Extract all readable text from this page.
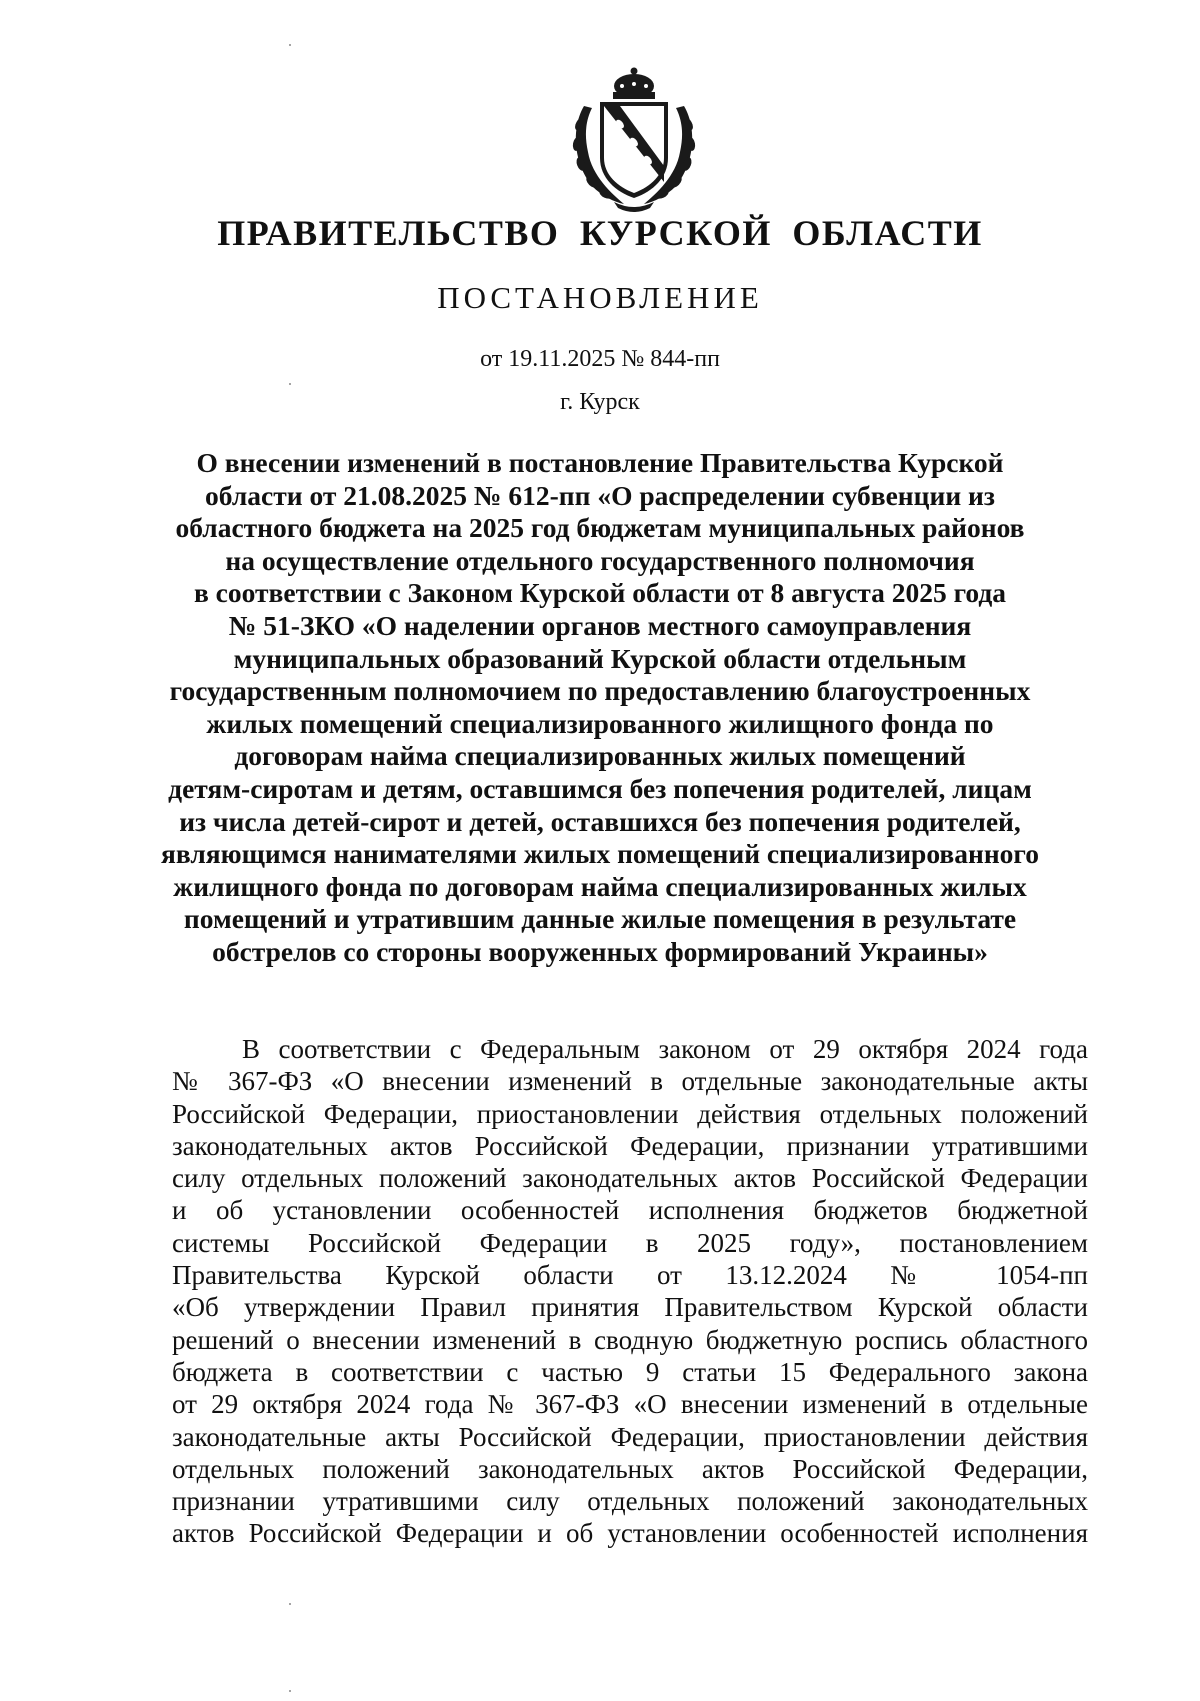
ПРАВИТЕЛЬСТВО КУРСКОЙ ОБЛАСТИ
ПОСТАНОВЛЕНИЕ
от 19.11.2025 № 844-пп
г. Курск
О внесении изменений в постановление Правительства Курской
области от 21.08.2025 № 612-пп «О распределении субвенции из
областного бюджета на 2025 год бюджетам муниципальных районов
на осуществление отдельного государственного полномочия
в соответствии с Законом Курской области от 8 августа 2025 года
№ 51-ЗКО «О наделении органов местного самоуправления
муниципальных образований Курской области отдельным
государственным полномочием по предоставлению благоустроенных
жилых помещений специализированного жилищного фонда по
договорам найма специализированных жилых помещений
детям-сиротам и детям, оставшимся без попечения родителей, лицам
из числа детей-сирот и детей, оставшихся без попечения родителей,
являющимся нанимателями жилых помещений специализированного
жилищного фонда по договорам найма специализированных жилых
помещений и утратившим данные жилые помещения в результате
обстрелов со стороны вооруженных формирований Украины»
В соответствии с Федеральным законом от 29 октября 2024 года
№ 367-ФЗ «О внесении изменений в отдельные законодательные акты
Российской Федерации, приостановлении действия отдельных положений
законодательных актов Российской Федерации, признании утратившими
силу отдельных положений законодательных актов Российской Федерации
и об установлении особенностей исполнения бюджетов бюджетной
системы Российской Федерации в 2025 году», постановлением
Правительства Курской области от 13.12.2024 № 1054-пп
«Об утверждении Правил принятия Правительством Курской области
решений о внесении изменений в сводную бюджетную роспись областного
бюджета в соответствии с частью 9 статьи 15 Федерального закона
от 29 октября 2024 года № 367-ФЗ «О внесении изменений в отдельные
законодательные акты Российской Федерации, приостановлении действия
отдельных положений законодательных актов Российской Федерации,
признании утратившими силу отдельных положений законодательных
актов Российской Федерации и об установлении особенностей исполнения
